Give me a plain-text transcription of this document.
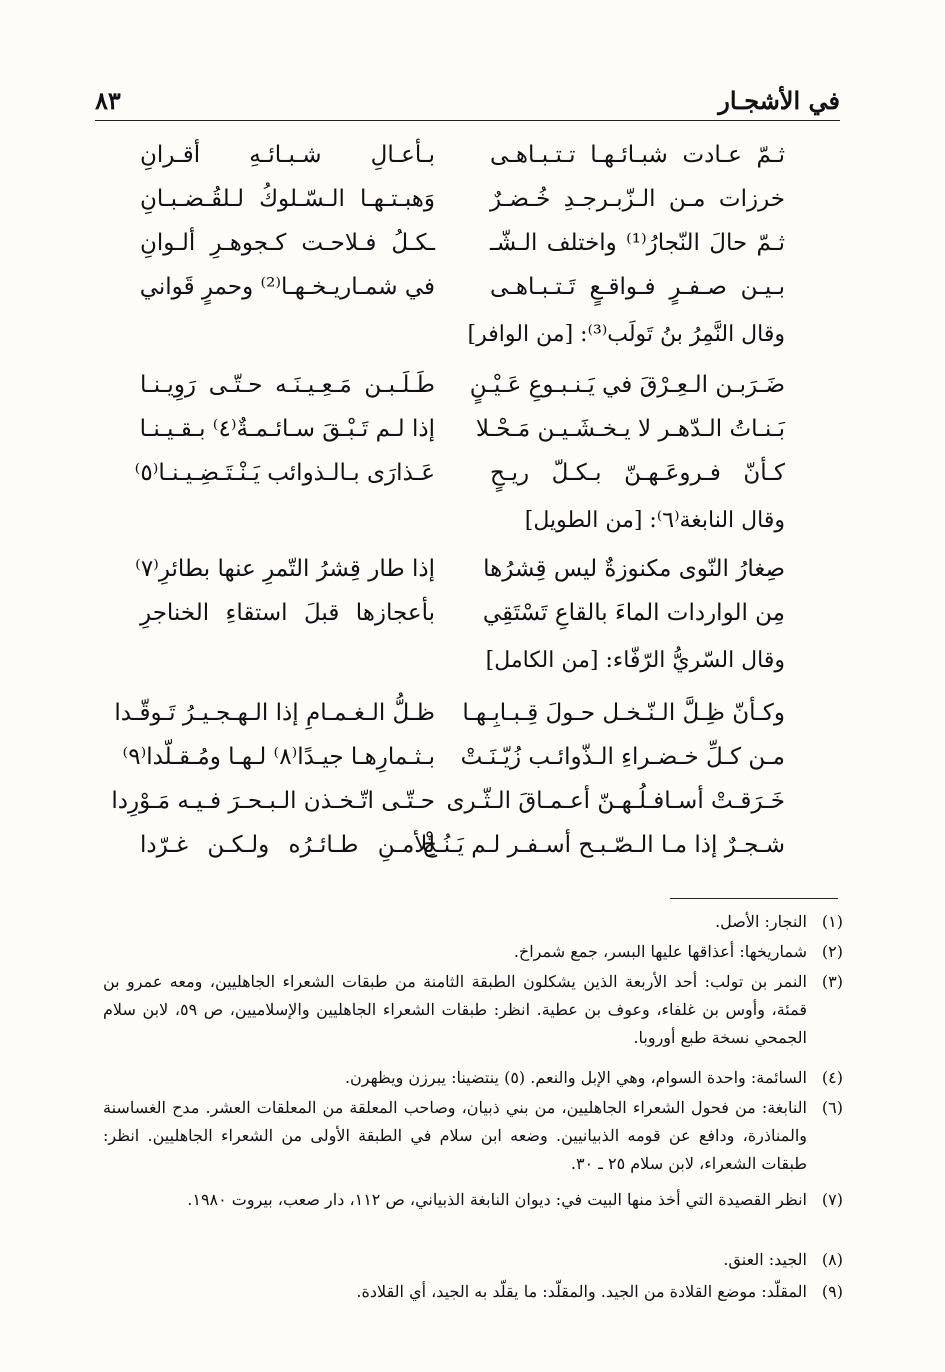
في الأشجـار
٨٣
ثـمّ عـادت شبـائـهـا تـتـبـاهـى
بـأعـالِ شـبـائـهِ أقـرانِ
خرزات مـن الـزّبـرجـدِ خُـضـرٌ
وَهبـتـهـا الـسّـلوكُ لـلقُـضـبـانِ
ثـمّ حالَ النّجارُ⁽¹⁾ واختلف الـشّـ
ـكـلُ فـلاحـت كـجوهـرِ ألـوانِ
بـيـن صـفـرٍ فـواقـعٍ تَـتـبـاهـى
في شمـاريـخـهـا⁽²⁾ وحمرٍ قَواني
وقال النَّمِرُ بنُ تَولَب⁽³⁾: [من الوافر]
ضَـرَبـن الـعِـرْقَ في يَـنـبـوعِ عَـيْـنٍ
طَـلَـبـن مَـعِـيـنَـه حـتّـى رَوِيـنـا
بَـنـاتُ الـدّهـر لا يـخـشَـيـن مَـحْـلا
إذا لـم تَـبْـقَ سـائـمـةٌ⁽٤⁾ بـقـيـنـا
كـأنّ فـروعَـهـنّ بـكـلّ ريـحٍ
عَـذارَى بـالـذوائب يَـنْـتَـضِـيـنـا⁽٥⁾
وقال النابغة⁽٦⁾: [من الطويل]
صِغارُ النّوى مكنوزةٌ ليس قِشرُها
إذا طار قِشرُ التّمرِ عنها بطائرِ⁽٧⁾
مِن الواردات الماءَ بالقاعِ تَسْتَقِي
بأعجازها قبلَ استقاءِ الخناجرِ
وقال السّريُّ الرّفّاء: [من الكامل]
وكـأنّ ظِـلَّ الـنّـخـل حـولَ قِـبـابِـهـا
ظـلُّ الـغـمـامِ إذا الـهـجـيـرُ تَـوقّـدا
مـن كـلِّ خـضـراءِ الـذّوائـب زُيّـنَـتْ
بـثـمارِهـا جيـدًا⁽٨⁾ لـهـا ومُـقـلّدا⁽٩⁾
خَـرَقـتْ أسـافـلُـهـنّ أعـمـاقَ الـثّـرى
حـتّـى اتّـخـذن الـبـحـرَ فـيـه مَـوْرِدا
شـجـرٌ إذا مـا الـصّـبـح أسـفـر لـم يَـنُـخْ
لِلأمـنِ طـائـرُه ولـكـن غـرّدا
(١)
النجار: الأصل.
(٢)
شماريخها: أعذاقها عليها البسر، جمع شمراخ.
(٣)
النمر بن تولب: أحد الأربعة الذين يشكلون الطبقة الثامنة من طبقات الشعراء الجاهليين، ومعه عمرو بن قمئة، وأوس بن غلفاء، وعوف بن عطية. انظر: طبقات الشعراء الجاهليين والإسلاميين، ص ٥٩، لابن سلام الجمحي نسخة طبع أوروبا.
(٤)
السائمة: واحدة السوام، وهي الإبل والنعم. (٥) ينتضينا: يبرزن ويظهرن.
(٦)
النابغة: من فحول الشعراء الجاهليين، من بني ذبيان، وصاحب المعلقة من المعلقات العشر. مدح الغساسنة والمناذرة، ودافع عن قومه الذبيانيين. وضعه ابن سلام في الطبقة الأولى من الشعراء الجاهليين. انظر: طبقات الشعراء، لابن سلام ٢٥ ـ ٣٠.
(٧)
انظر القصيدة التي أخذ منها البيت في: ديوان النابغة الذبياني، ص ١١٢، دار صعب، بيروت ١٩٨٠.
(٨)
الجيد: العنق.
(٩)
المقلّد: موضع القلادة من الجيد. والمقلّد: ما يقلّد به الجيد، أي القلادة.
